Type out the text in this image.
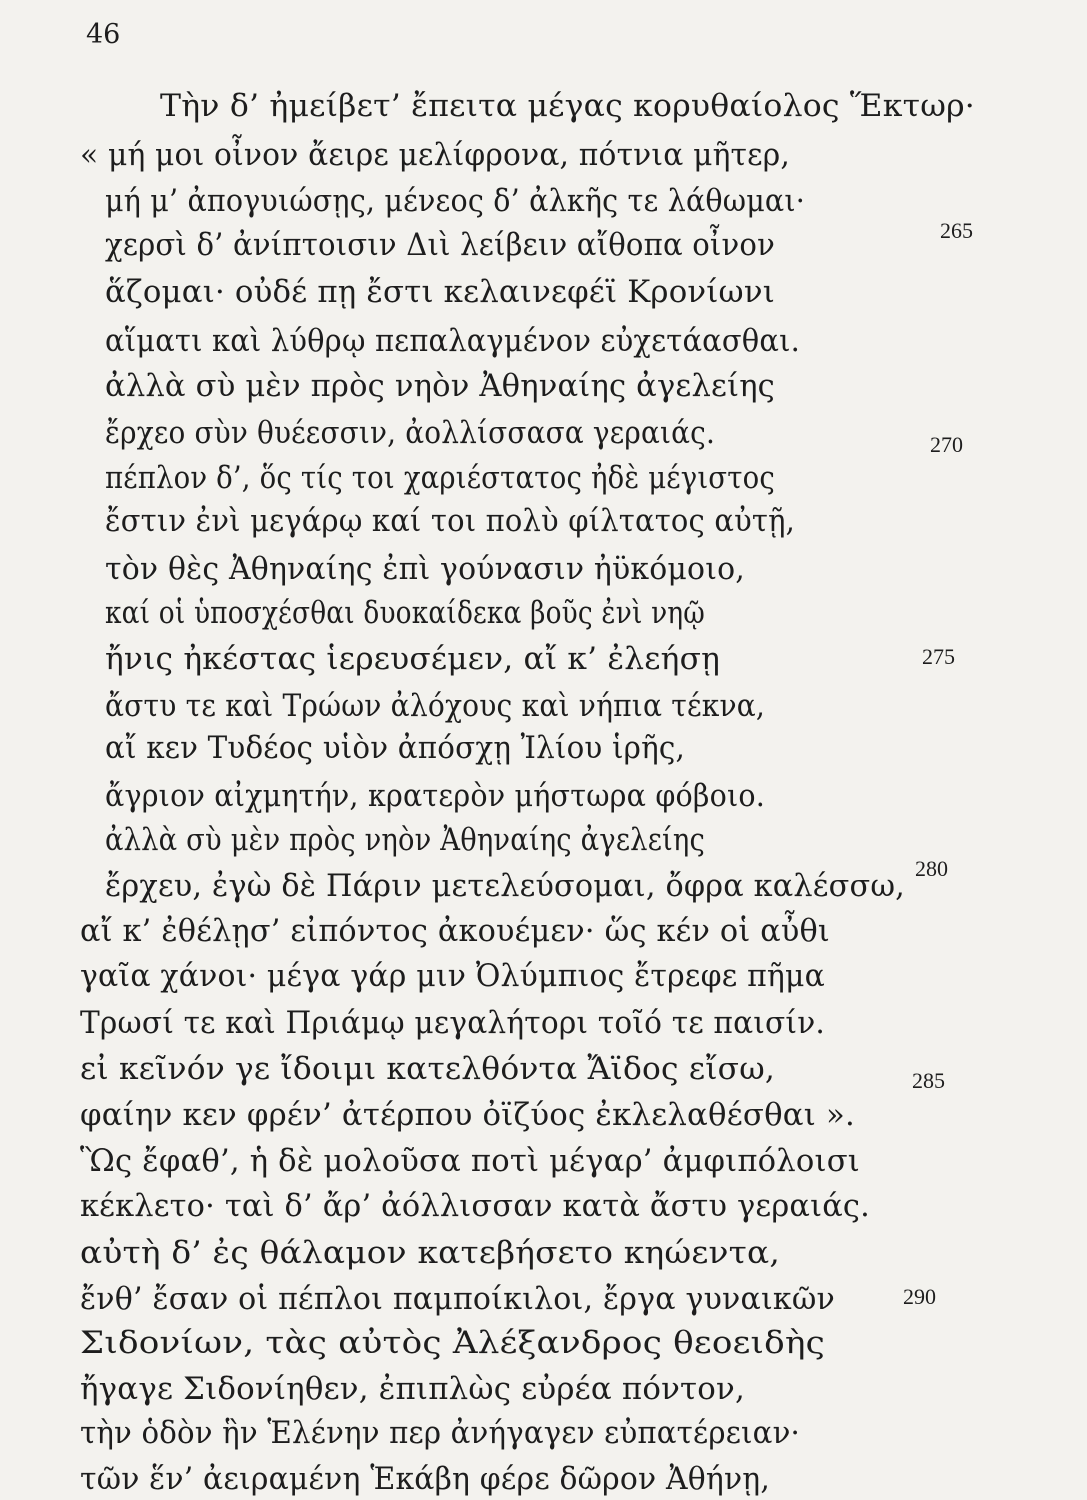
46
Τὴν δ’ ἠμείβετ’ ἔπειτα μέγας κορυθαίολος Ἕκτωρ·
« μή μοι οἶνον ἄειρε μελίφρονα, πότνια μῆτερ,
μή μ’ ἀπογυιώσῃς, μένεος δ’ ἀλκῆς τε λάθωμαι·
265
χερσὶ δ’ ἀνίπτοισιν Διὶ λείβειν αἴθοπα οἶνον
ἅζομαι· οὐδέ πῃ ἔστι κελαινεφέϊ Κρονίωνι
αἵματι καὶ λύθρῳ πεπαλαγμένον εὐχετάασθαι.
ἀλλὰ σὺ μὲν πρὸς νηὸν Ἀθηναίης ἀγελείης
ἔρχεο σὺν θυέεσσιν, ἀολλίσσασα γεραιάς.	270
πέπλον δ’, ὅς τίς τοι χαριέστατος ἠδὲ μέγιστος
ἔστιν ἐνὶ μεγάρῳ καί τοι πολὺ φίλτατος αὐτῇ,
τὸν θὲς Ἀθηναίης ἐπὶ γούνασιν ἠϋκόμοιο,
καί οἱ ὑποσχέσθαι δυοκαίδεκα βοῦς ἐνὶ νηῷ
ἤνις ἠκέστας ἱερευσέμεν, αἴ κ’ ἐλεήσῃ	275
ἄστυ τε καὶ Τρώων ἀλόχους καὶ νήπια τέκνα,
αἴ κεν Τυδέος υἱὸν ἀπόσχῃ Ἰλίου ἱρῆς,
ἄγριον αἰχμητήν, κρατερὸν μήστωρα φόβοιο.
ἀλλὰ σὺ μὲν πρὸς νηὸν Ἀθηναίης ἀγελείης
ἔρχευ, ἐγὼ δὲ Πάριν μετελεύσομαι, ὄφρα καλέσσω, 280
αἴ κ’ ἐθέλῃσ’ εἰπόντος ἀκουέμεν· ὥς κέν οἱ αὖθι
γαῖα χάνοι· μέγα γάρ μιν Ὀλύμπιος ἔτρεφε πῆμα
Τρωσί τε καὶ Πριάμῳ μεγαλήτορι τοῖό τε παισίν.
εἰ κεῖνόν γε ἴδοιμι κατελθόντα Ἄϊδος εἴσω,
φαίην κεν φρέν’ ἀτέρπου ὀϊζύος ἐκλελαθέσθαι ».
285
Ὣς ἔφαθ’, ἡ δὲ μολοῦσα ποτὶ μέγαρ’ ἀμφιπόλοισι
κέκλετο· ταὶ δ’ ἄρ’ ἀόλλισσαν κατὰ ἄστυ γεραιάς.
αὐτὴ δ’ ἐς θάλαμον κατεβήσετο κηώεντα,
ἔνθ’ ἔσαν οἱ πέπλοι παμποίκιλοι, ἔργα γυναικῶν
Σιδονίων, τὰς αὐτὸς Ἀλέξανδρος θεοειδὴς
290
ἤγαγε Σιδονίηθεν, ἐπιπλὼς εὐρέα πόντον,
τὴν ὁδὸν ἣν Ἑλένην περ ἀνήγαγεν εὐπατέρειαν·
τῶν ἕν’ ἀειραμένη Ἑκάβη φέρε δῶρον Ἀθήνῃ,
